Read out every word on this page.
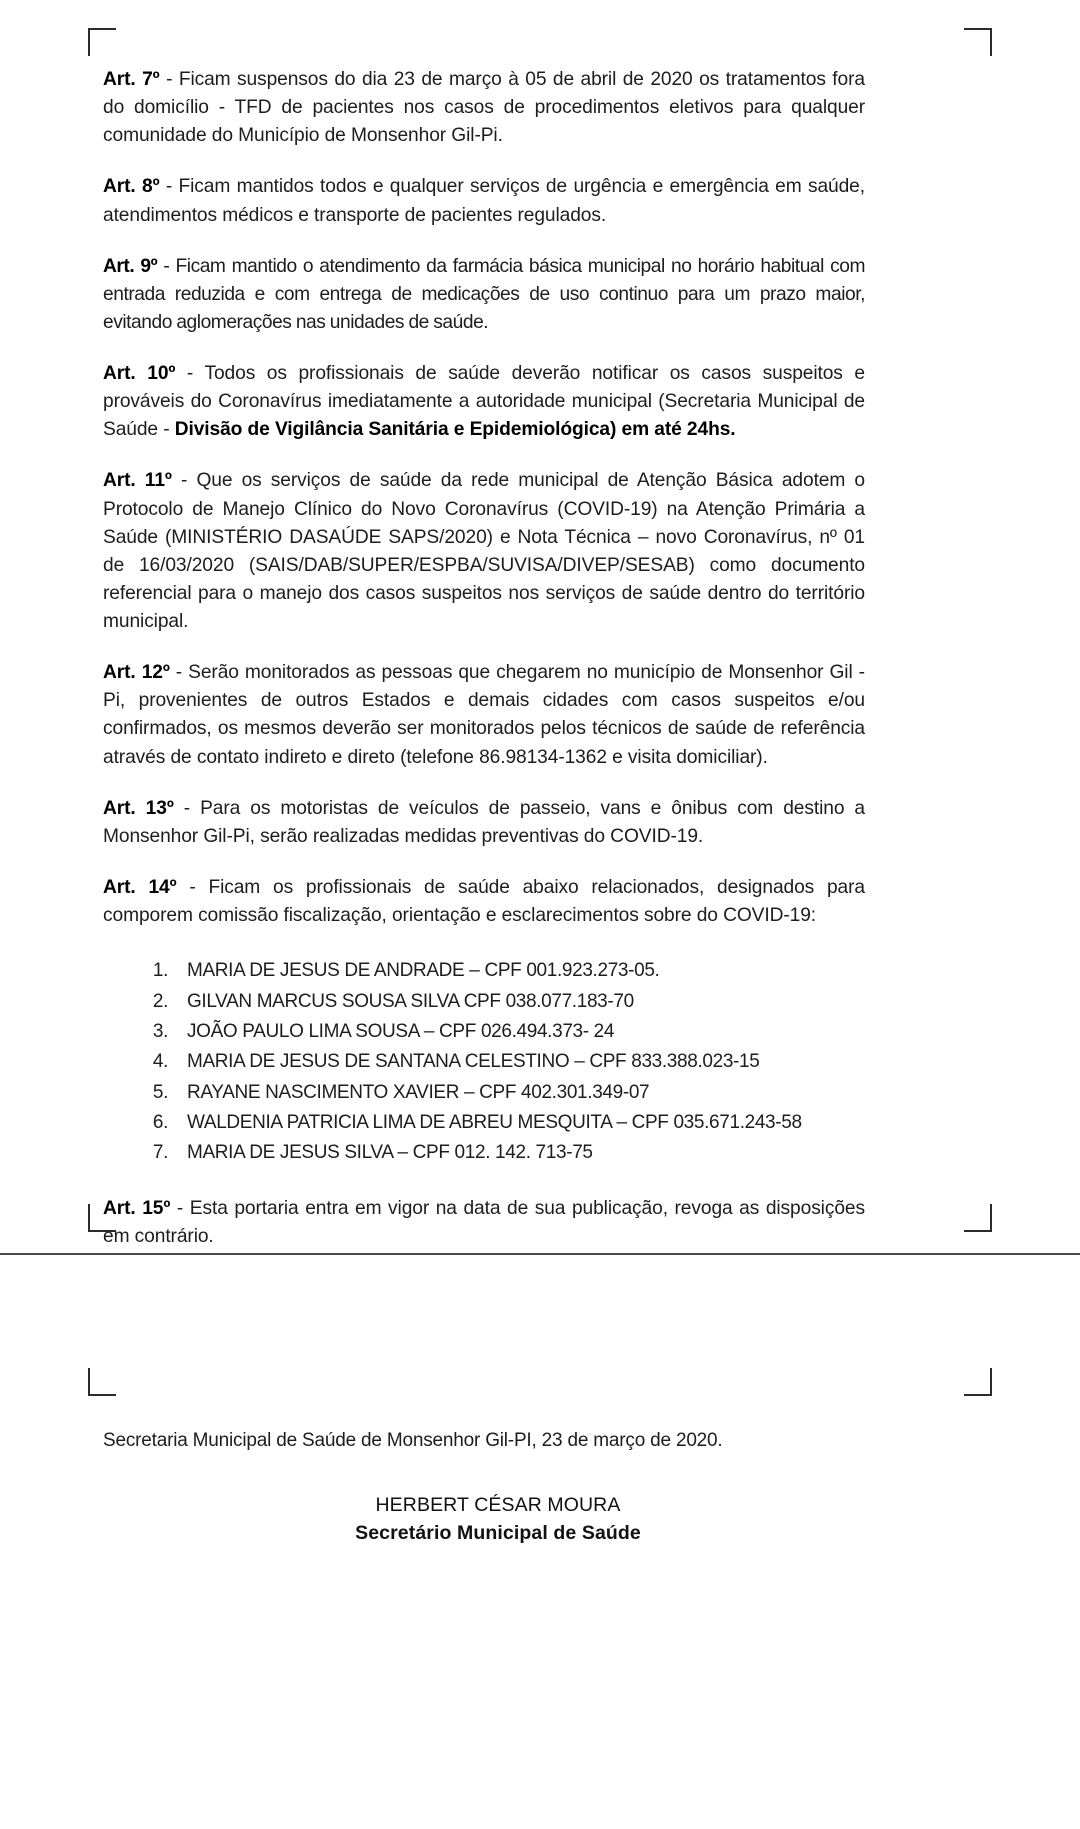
Art. 7º - Ficam suspensos do dia 23 de março à 05 de abril de 2020 os tratamentos fora do domicílio - TFD de pacientes nos casos de procedimentos eletivos para qualquer comunidade do Município de Monsenhor Gil-Pi.

Art. 8º - Ficam mantidos todos e qualquer serviços de urgência e emergência em saúde, atendimentos médicos e transporte de pacientes regulados.

Art. 9º - Ficam mantido o atendimento da farmácia básica municipal no horário habitual com entrada reduzida e com entrega de medicações de uso continuo para um prazo maior, evitando aglomerações nas unidades de saúde.

Art. 10º - Todos os profissionais de saúde deverão notificar os casos suspeitos e prováveis do Coronavírus imediatamente a autoridade municipal (Secretaria Municipal de Saúde - Divisão de Vigilância Sanitária e Epidemiológica) em até 24hs.

Art. 11º - Que os serviços de saúde da rede municipal de Atenção Básica adotem o Protocolo de Manejo Clínico do Novo Coronavírus (COVID-19) na Atenção Primária a Saúde (MINISTÉRIO DASAÚDE SAPS/2020) e Nota Técnica – novo Coronavírus, nº 01 de 16/03/2020 (SAIS/DAB/SUPER/ESPBA/SUVISA/DIVEP/SESAB) como documento referencial para o manejo dos casos suspeitos nos serviços de saúde dentro do território municipal.

Art. 12º - Serão monitorados as pessoas que chegarem no município de Monsenhor Gil -Pi, provenientes de outros Estados e demais cidades com casos suspeitos e/ou confirmados, os mesmos deverão ser monitorados pelos técnicos de saúde de referência através de contato indireto e direto (telefone 86.98134-1362 e visita domiciliar).

Art. 13º - Para os motoristas de veículos de passeio, vans e ônibus com destino a Monsenhor Gil-Pi, serão realizadas medidas preventivas do COVID-19.

Art. 14º - Ficam os profissionais de saúde abaixo relacionados, designados para comporem comissão fiscalização, orientação e esclarecimentos sobre do COVID-19:

1. MARIA DE JESUS DE ANDRADE – CPF 001.923.273-05.
2. GILVAN MARCUS SOUSA SILVA CPF 038.077.183-70
3. JOÃO PAULO LIMA SOUSA – CPF 026.494.373- 24
4. MARIA DE JESUS DE SANTANA CELESTINO – CPF 833.388.023-15
5. RAYANE NASCIMENTO XAVIER – CPF 402.301.349-07
6. WALDENIA PATRICIA LIMA DE ABREU MESQUITA – CPF 035.671.243-58
7. MARIA DE JESUS SILVA – CPF 012. 142. 713-75

Art. 15º - Esta portaria entra em vigor na data de sua publicação, revoga as disposições em contrário.

Secretaria Municipal de Saúde de Monsenhor Gil-PI, 23 de março de 2020.

HERBERT CÉSAR MOURA

Secretário Municipal de Saúde
